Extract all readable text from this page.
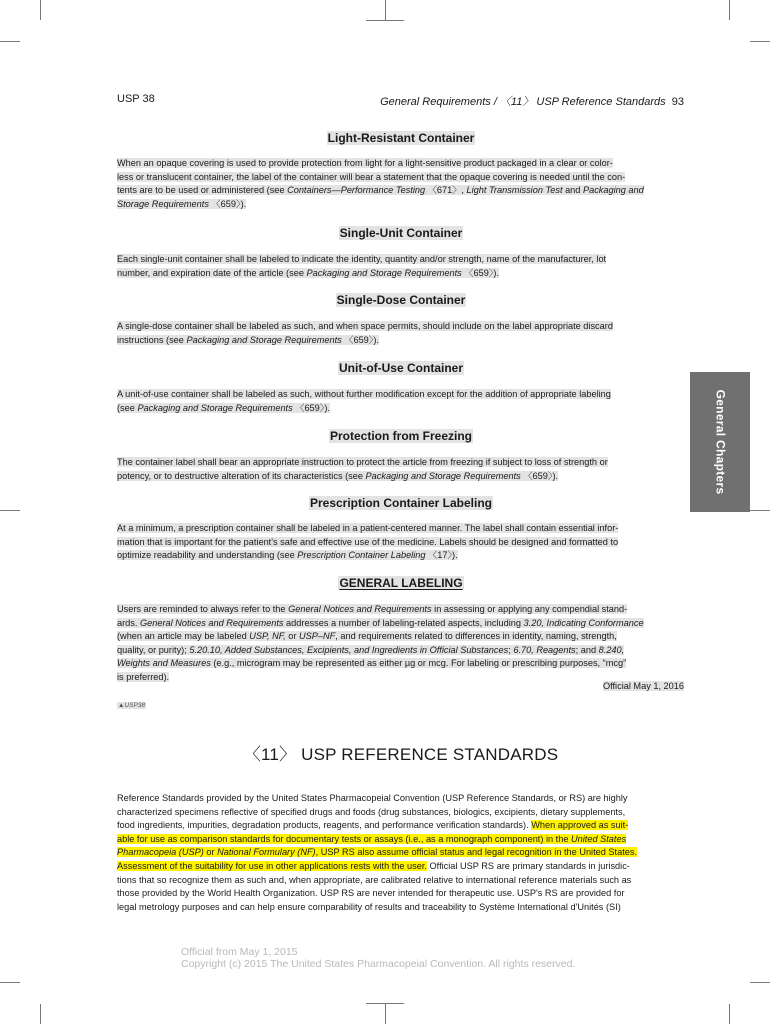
USP 38	General Requirements / 〈11〉 USP Reference Standards 93
General Chapters
Light-Resistant Container
When an opaque covering is used to provide protection from light for a light-sensitive product packaged in a clear or color-
less or translucent container, the label of the container will bear a statement that the opaque covering is needed until the con-
tents are to be used or administered (see Containers—Performance Testing 〈671〉, Light Transmission Test and Packaging and
Storage Requirements 〈659〉).
Single-Unit Container
Each single-unit container shall be labeled to indicate the identity, quantity and/or strength, name of the manufacturer, lot
number, and expiration date of the article (see Packaging and Storage Requirements 〈659〉).
Single-Dose Container
A single-dose container shall be labeled as such, and when space permits, should include on the label appropriate discard
instructions (see Packaging and Storage Requirements 〈659〉).
Unit-of-Use Container
A unit-of-use container shall be labeled as such, without further modification except for the addition of appropriate labeling
(see Packaging and Storage Requirements 〈659〉).
Protection from Freezing
The container label shall bear an appropriate instruction to protect the article from freezing if subject to loss of strength or
potency, or to destructive alteration of its characteristics (see Packaging and Storage Requirements 〈659〉).
Prescription Container Labeling
At a minimum, a prescription container shall be labeled in a patient-centered manner. The label shall contain essential infor-
mation that is important for the patient's safe and effective use of the medicine. Labels should be designed and formatted to
optimize readability and understanding (see Prescription Container Labeling 〈17〉).
GENERAL LABELING
Users are reminded to always refer to the General Notices and Requirements in assessing or applying any compendial stand-
ards. General Notices and Requirements addresses a number of labeling-related aspects, including 3.20, Indicating Conformance
(when an article may be labeled USP, NF, or USP–NF, and requirements related to differences in identity, naming, strength,
quality, or purity); 5.20.10, Added Substances, Excipients, and Ingredients in Official Substances; 6.70, Reagents; and 8.240,
Weights and Measures (e.g., microgram may be represented as either µg or mcg. For labeling or prescribing purposes, “mcg”
is preferred).
Official May 1, 2016
▲USP38
〈11〉 USP REFERENCE STANDARDS
Reference Standards provided by the United States Pharmacopeial Convention (USP Reference Standards, or RS) are highly
characterized specimens reflective of specified drugs and foods (drug substances, biologics, excipients, dietary supplements,
food ingredients, impurities, degradation products, reagents, and performance verification standards). When approved as suit-
able for use as comparison standards for documentary tests or assays (i.e., as a monograph component) in the United States
Pharmacopeia (USP) or National Formulary (NF), USP RS also assume official status and legal recognition in the United States.
Assessment of the suitability for use in other applications rests with the user. Official USP RS are primary standards in jurisdic-
tions that so recognize them as such and, when appropriate, are calibrated relative to international reference materials such as
those provided by the World Health Organization. USP RS are never intended for therapeutic use. USP's RS are provided for
legal metrology purposes and can help ensure comparability of results and traceability to Système International d'Unités (SI)
Official from May 1, 2015
Copyright (c) 2015 The United States Pharmacopeial Convention. All rights reserved.
